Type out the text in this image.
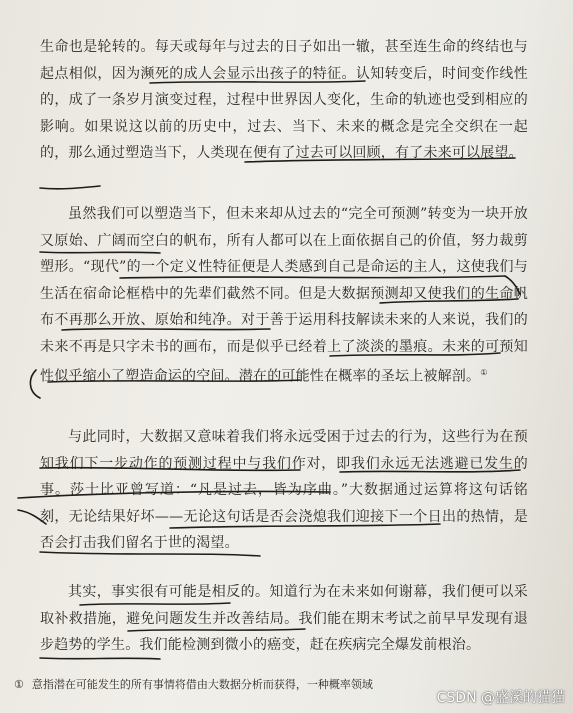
生命也是轮转的。每天或每年与过去的日子如出一辙，甚至连生命的终结也与起点相似，因为濒死的成人会显示出孩子的特征。认知转变后，时间变作线性的，成了一条岁月演变过程，过程中世界因人变化，生命的轨迹也受到相应的影响。如果说这以前的历史中，过去、当下、未来的概念是完全交织在一起的，那么通过塑造当下，人类现在便有了过去可以回顾，有了未来可以展望。

虽然我们可以塑造当下，但未来却从过去的“完全可预测”转变为一块开放又原始、广阔而空白的帆布，所有人都可以在上面依据自己的价值，努力裁剪塑形。“现代”的一个定义性特征便是人类感到自己是命运的主人，这使我们与生活在宿命论框梏中的先辈们截然不同。但是大数据预测却又使我们的生命帆布不再那么开放、原始和纯净。对于善于运用科技解读未来的人来说，我们的未来不再是只字未书的画布，而是似乎已经着上了淡淡的墨痕。未来的可预知性似乎缩小了塑造命运的空间。潜在的可能性在概率的圣坛上被解剖。①

与此同时，大数据又意味着我们将永远受困于过去的行为，这些行为在预知我们下一步动作的预测过程中与我们作对，即我们永远无法逃避已发生的事。莎士比亚曾写道：“凡是过去，皆为序曲。”大数据通过运算将这句话铭刻，无论结果好坏——无论这句话是否会浇熄我们迎接下一个日出的热情，是否会打击我们留名于世的渴望。

其实，事实很有可能是相反的。知道行为在未来如何谢幕，我们便可以采取补救措施，避免问题发生并改善结局。我们能在期末考试之前早早发现有退步趋势的学生。我们能检测到微小的癌变，赶在疾病完全爆发前根治。

① 意指潜在可能发生的所有事情将借由大数据分析而获得，一种概率领域
CSDN @盛溪的猫猫
